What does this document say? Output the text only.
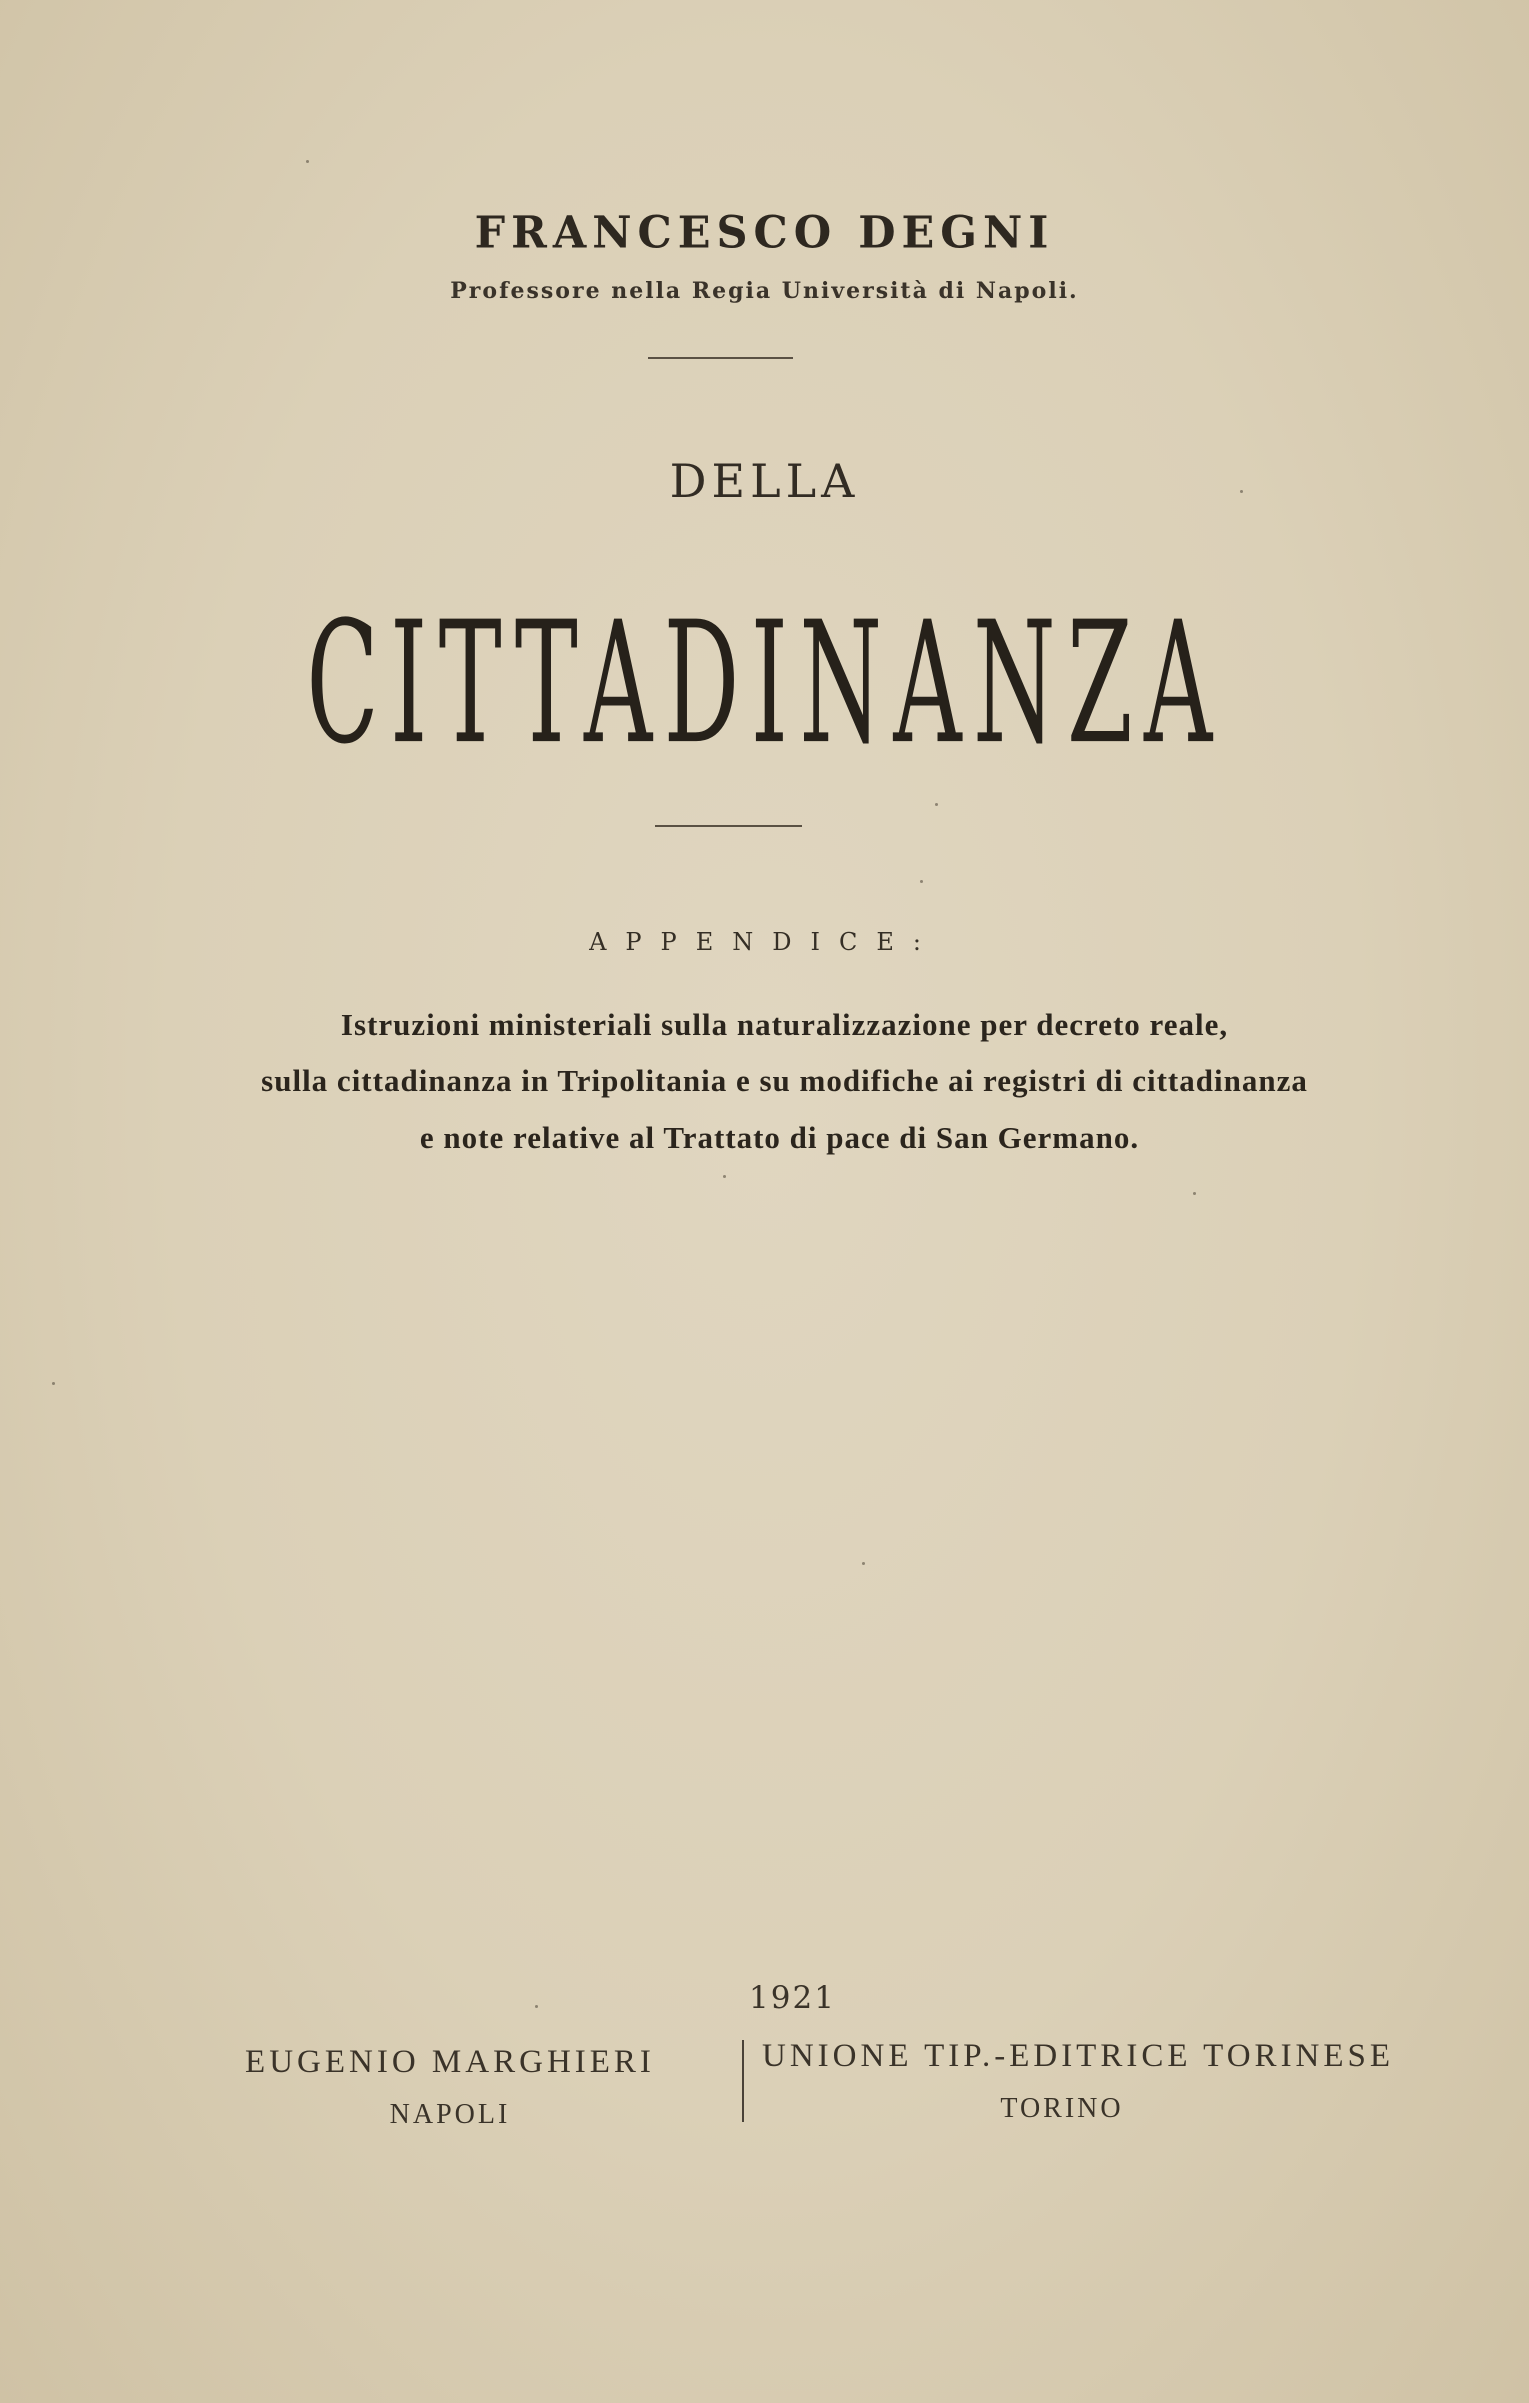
FRANCESCO DEGNI
Professore nella Regia Università di Napoli.
DELLA
CITTADINANZA
APPENDICE:
Istruzioni ministeriali sulla naturalizzazione per decreto reale,
sulla cittadinanza in Tripolitania e su modifiche ai registri di cittadinanza
e note relative al Trattato di pace di San Germano.
1921
EUGENIO MARGHIERI
NAPOLI
UNIONE TIP.-EDITRICE TORINESE
TORINO
